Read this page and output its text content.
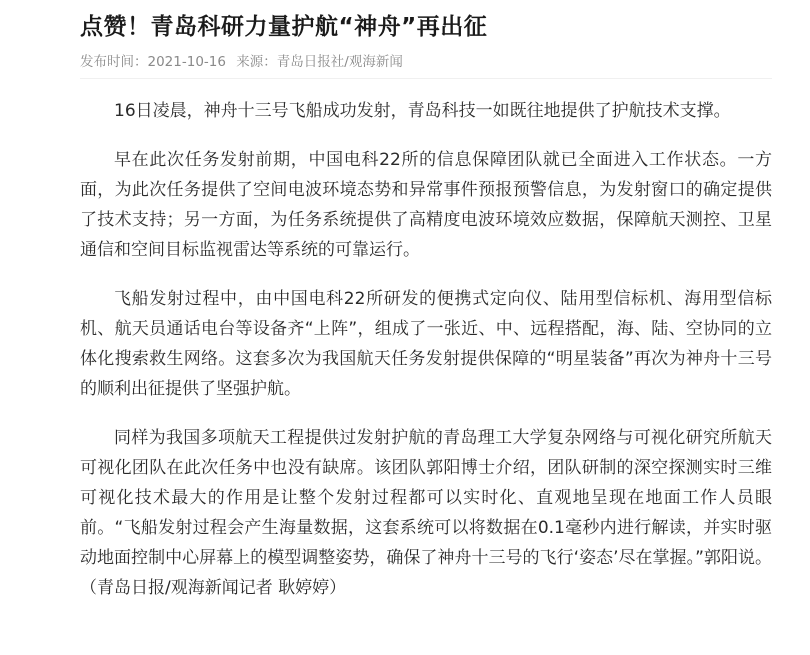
点赞！青岛科研力量护航“神舟”再出征
发布时间：2021-10-16 来源：青岛日报社/观海新闻

16日凌晨，神舟十三号飞船成功发射，青岛科技一如既往地提供了护航技术支撑。

早在此次任务发射前期，中国电科22所的信息保障团队就已全面进入工作状态。一方面，为此次任务提供了空间电波环境态势和异常事件预报预警信息，为发射窗口的确定提供了技术支持；另一方面，为任务系统提供了高精度电波环境效应数据，保障航天测控、卫星通信和空间目标监视雷达等系统的可靠运行。

飞船发射过程中，由中国电科22所研发的便携式定向仪、陆用型信标机、海用型信标机、航天员通话电台等设备齐“上阵”，组成了一张近、中、远程搭配，海、陆、空协同的立体化搜索救生网络。这套多次为我国航天任务发射提供保障的“明星装备”再次为神舟十三号的顺利出征提供了坚强护航。

同样为我国多项航天工程提供过发射护航的青岛理工大学复杂网络与可视化研究所航天可视化团队在此次任务中也没有缺席。该团队郭阳博士介绍，团队研制的深空探测实时三维可视化技术最大的作用是让整个发射过程都可以实时化、直观地呈现在地面工作人员眼前。“飞船发射过程会产生海量数据，这套系统可以将数据在0.1毫秒内进行解读，并实时驱动地面控制中心屏幕上的模型调整姿势，确保了神舟十三号的飞行‘姿态’尽在掌握。”郭阳说。（青岛日报/观海新闻记者 耿婷婷）
